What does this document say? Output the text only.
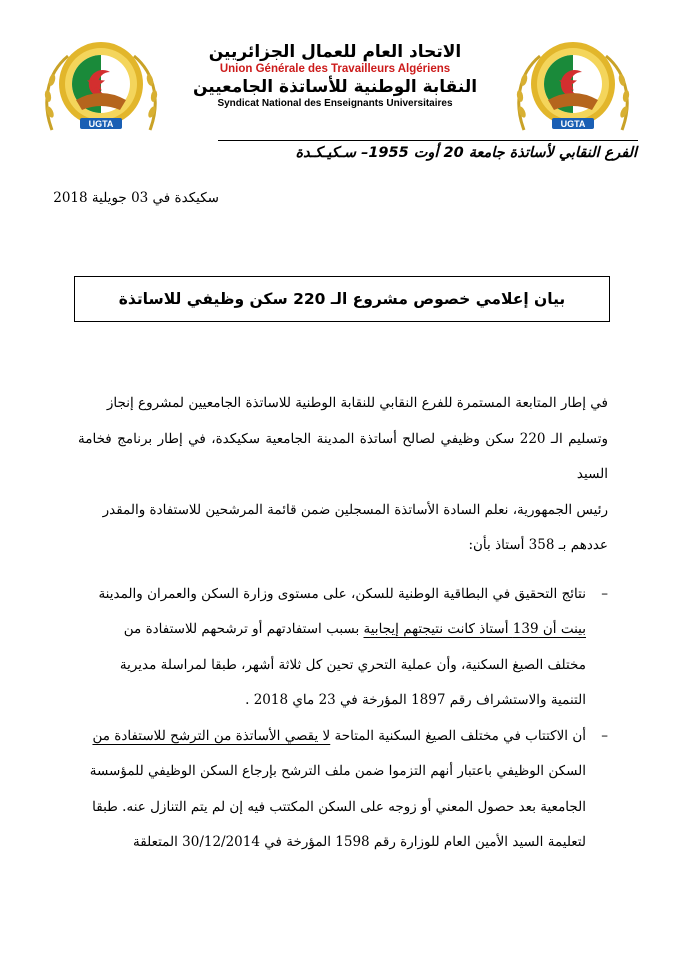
UGTA	UGTA
الاتحاد العام للعمال الجزائريين
Union Générale des Travailleurs Algériens
النقابة الوطنية للأساتذة الجامعيين
Syndicat National des Enseignants Universitaires
الفرع النقابي لأساتذة جامعة 20 أوت 1955– سـكيـكـدة
سكيكدة في 03 جويلية 2018
بيان إعلامي خصوص مشروع الـ 220 سكن وظيفي للاساتذة

في إطار المتابعة المستمرة للفرع النقابي للنقابة الوطنية للاساتذة الجامعيين لمشروع إنجاز

وتسليم الـ 220 سكن وظيفي لصالح أساتذة المدينة الجامعية سكيكدة، في إطار برنامج فخامة السيد

رئيس الجمهورية، نعلم السادة الأساتذة المسجلين ضمن قائمة المرشحين للاستفادة والمقدر

عددهم بـ 358 أستاذ بأن:

–

نتائج التحقيق في البطاقية الوطنية للسكن، على مستوى وزارة السكن والعمران والمدينة

بينت أن 139 أستاذ كانت نتيجتهم إيجابية بسبب استفادتهم أو ترشحهم للاستفادة من

مختلف الصيغ السكنية، وأن عملية التحري تحين كل ثلاثة أشهر، طبقا لمراسلة مديرية

التنمية والاستشراف رقم 1897 المؤرخة في 23 ماي 2018 .

–

أن الاكتتاب في مختلف الصيغ السكنية المتاحة لا يقصي الأساتذة من الترشح للاستفادة من

السكن الوظيفي باعتبار أنهم التزموا ضمن ملف الترشح بإرجاع السكن الوظيفي للمؤسسة

الجامعية بعد حصول المعني أو زوجه على السكن المكتتب فيه إن لم يتم التنازل عنه. طبقا

لتعليمة السيد الأمين العام للوزارة رقم 1598 المؤرخة في 30/12/2014 المتعلقة
